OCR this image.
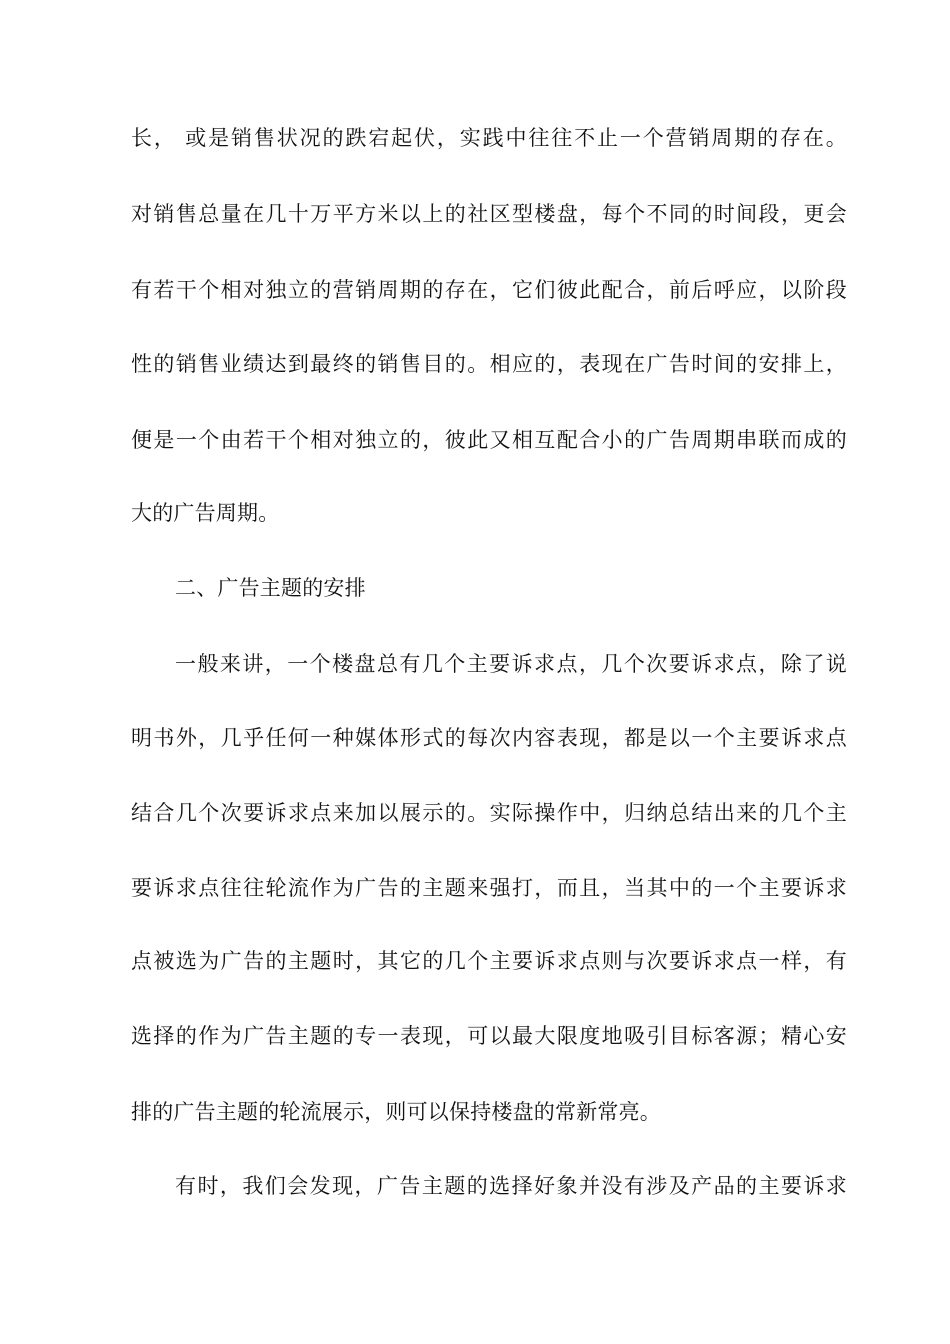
长， 或是销售状况的跌宕起伏，实践中往往不止一个营销周期的存在。
对销售总量在几十万平方米以上的社区型楼盘，每个不同的时间段，更会
有若干个相对独立的营销周期的存在，它们彼此配合，前后呼应，以阶段
性的销售业绩达到最终的销售目的。相应的，表现在广告时间的安排上，
便是一个由若干个相对独立的，彼此又相互配合小的广告周期串联而成的
大的广告周期。
二、广告主题的安排
一般来讲，一个楼盘总有几个主要诉求点，几个次要诉求点，除了说
明书外，几乎任何一种媒体形式的每次内容表现，都是以一个主要诉求点
结合几个次要诉求点来加以展示的。实际操作中，归纳总结出来的几个主
要诉求点往往轮流作为广告的主题来强打，而且，当其中的一个主要诉求
点被选为广告的主题时，其它的几个主要诉求点则与次要诉求点一样，有
选择的作为广告主题的专一表现，可以最大限度地吸引目标客源；精心安
排的广告主题的轮流展示，则可以保持楼盘的常新常亮。
有时，我们会发现，广告主题的选择好象并没有涉及产品的主要诉求
